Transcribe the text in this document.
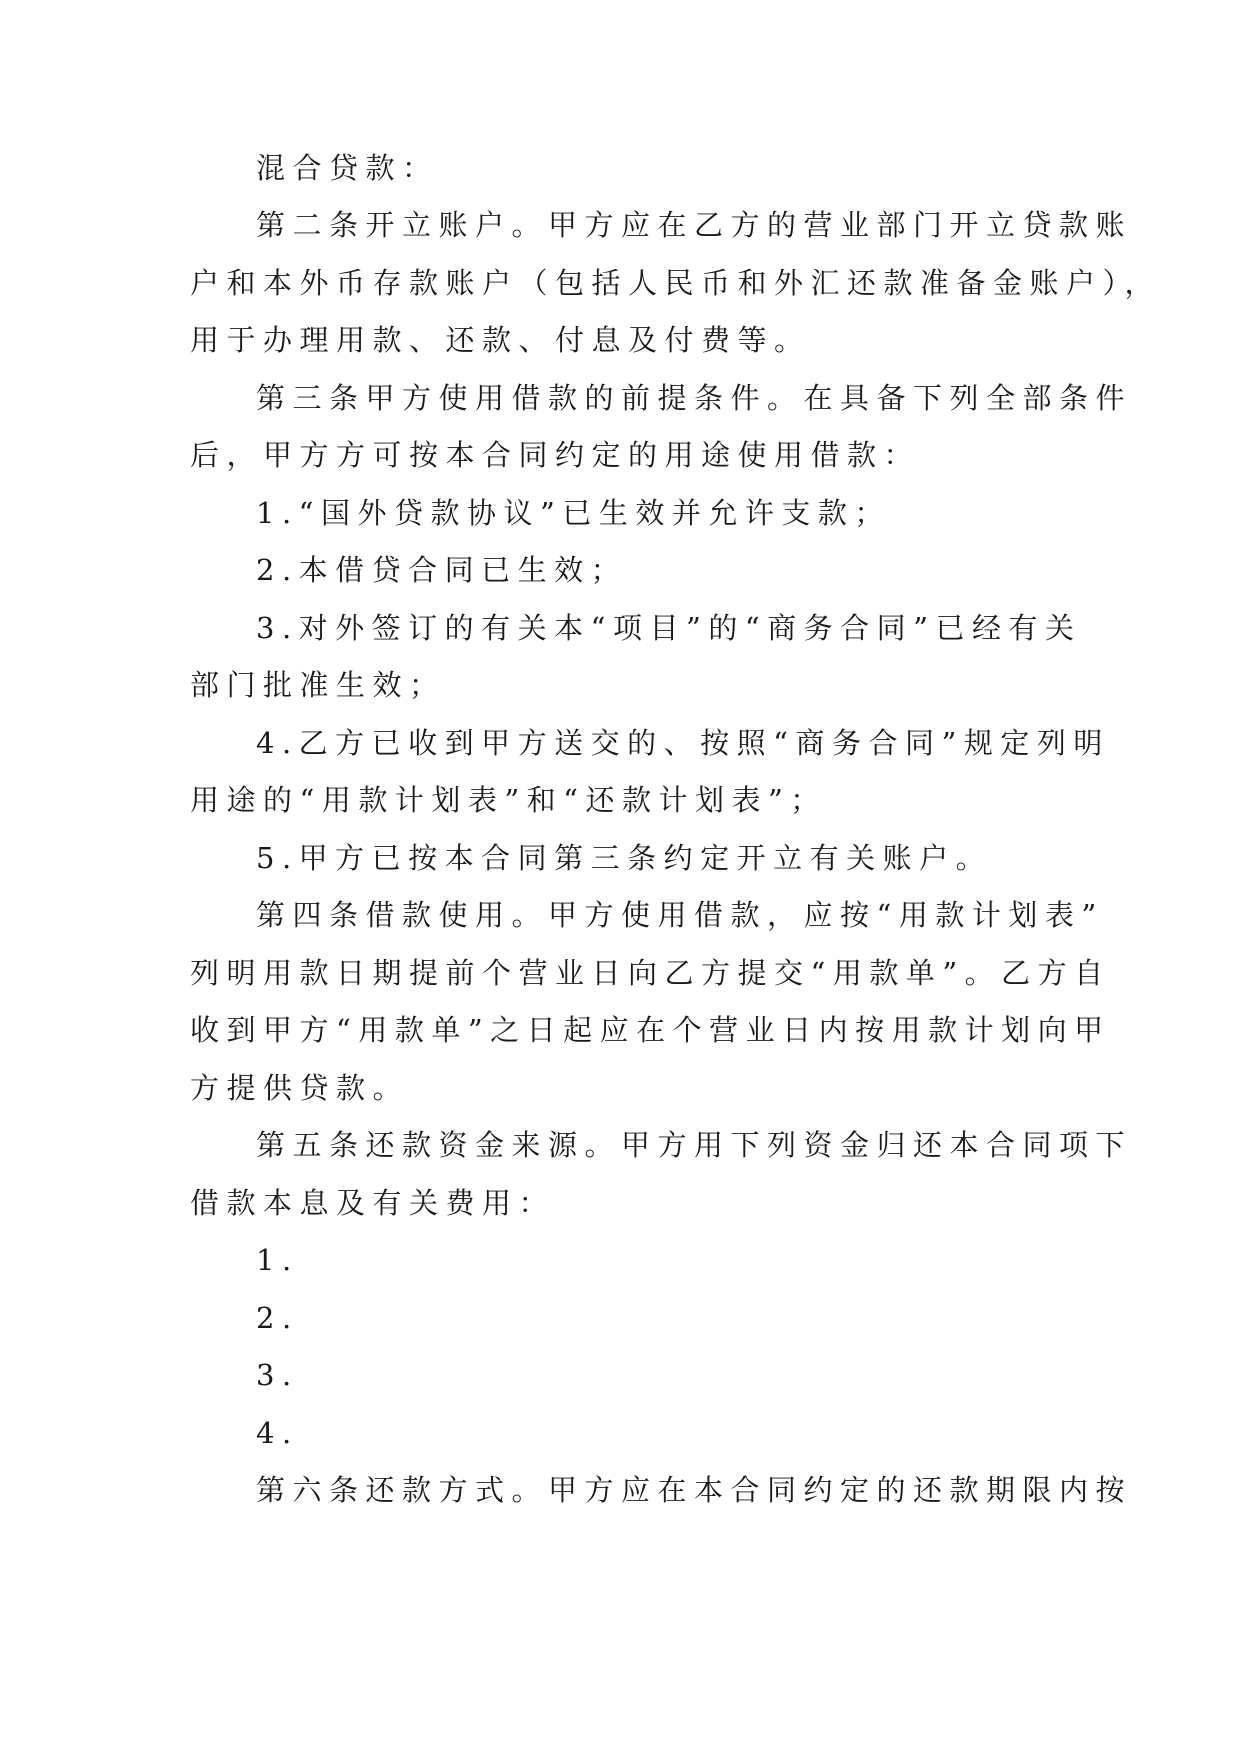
混合贷款：
第二条开立账户。甲方应在乙方的营业部门开立贷款账
户和本外币存款账户（包括人民币和外汇还款准备金账户），
用于办理用款、还款、付息及付费等。
第三条甲方使用借款的前提条件。在具备下列全部条件
后，甲方方可按本合同约定的用途使用借款：
1.“国外贷款协议”已生效并允许支款；
2.本借贷合同已生效；
3.对外签订的有关本“项目”的“商务合同”已经有关
部门批准生效；
4.乙方已收到甲方送交的、按照“商务合同”规定列明
用途的“用款计划表”和“还款计划表”；
5.甲方已按本合同第三条约定开立有关账户。
第四条借款使用。甲方使用借款，应按“用款计划表”
列明用款日期提前个营业日向乙方提交“用款单”。乙方自
收到甲方“用款单”之日起应在个营业日内按用款计划向甲
方提供贷款。
第五条还款资金来源。甲方用下列资金归还本合同项下
借款本息及有关费用：
1.
2.
3.
4.
第六条还款方式。甲方应在本合同约定的还款期限内按
